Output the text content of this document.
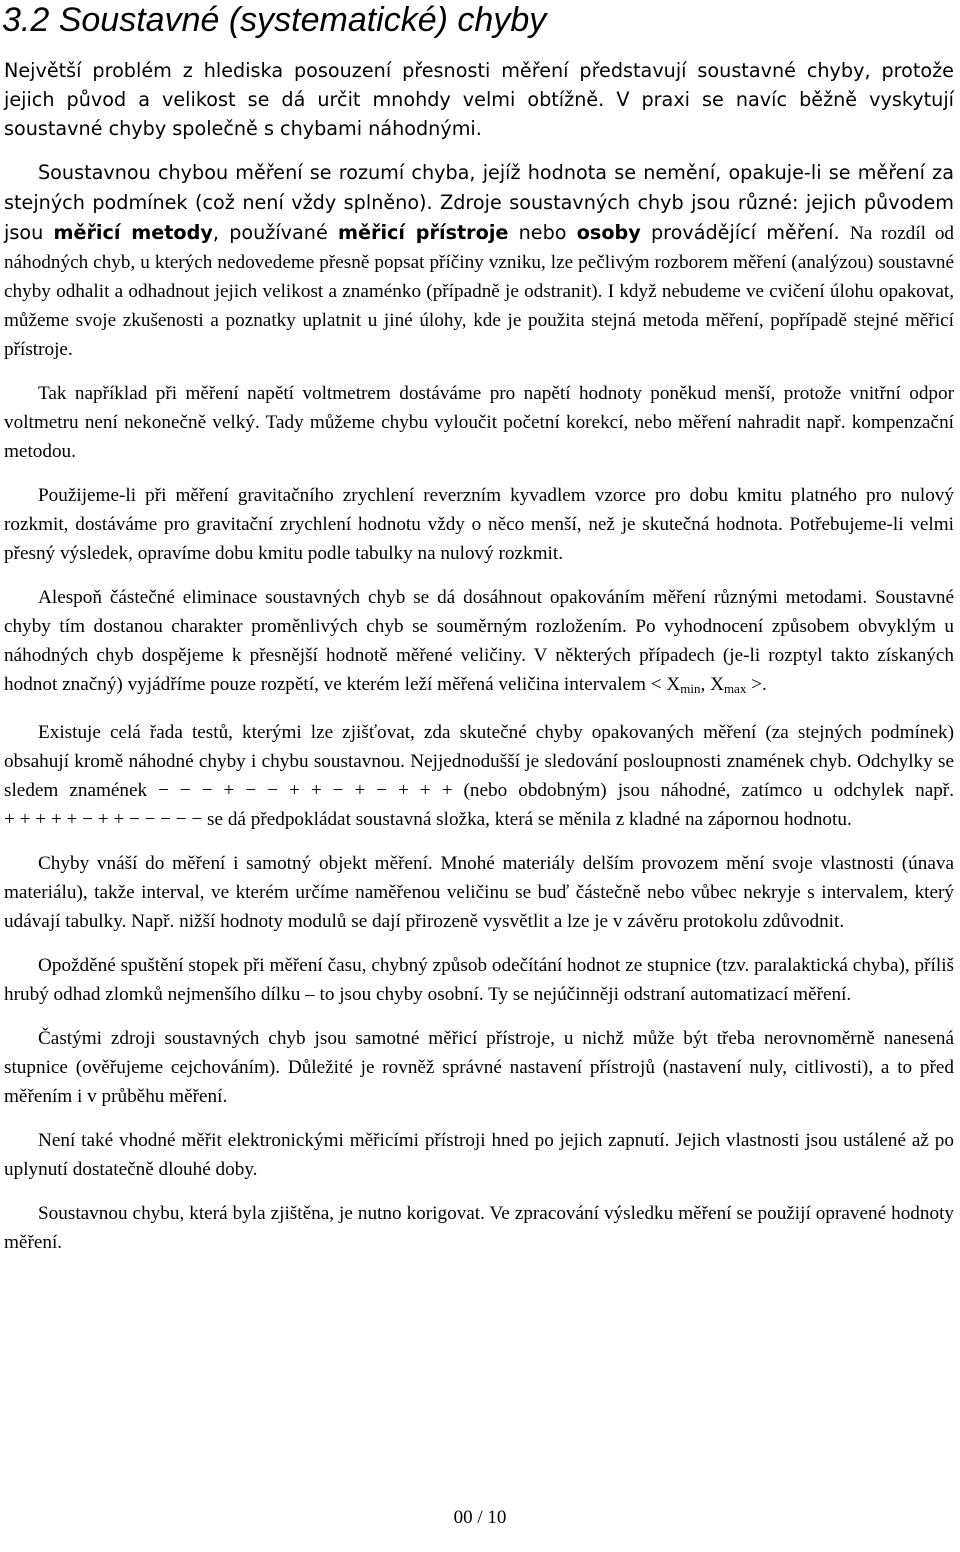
3.2 Soustavné (systematické) chyby

Největší problém z hlediska posouzení přesnosti měření představují soustavné chyby, protože jejich původ a velikost se dá určit mnohdy velmi obtížně. V praxi se navíc běžně vyskytují soustavné chyby společně s chybami náhodnými.

Soustavnou chybou měření se rozumí chyba, jejíž hodnota se nemění, opakuje-li se měření za stejných podmínek (což není vždy splněno). Zdroje soustavných chyb jsou různé: jejich původem jsou měřicí metody, používané měřicí přístroje nebo osoby provádějící měření. Na rozdíl od náhodných chyb, u kterých nedovedeme přesně popsat příčiny vzniku, lze pečlivým rozborem měření (analýzou) soustavné chyby odhalit a odhadnout jejich velikost a znaménko (případně je odstranit). I když nebudeme ve cvičení úlohu opakovat, můžeme svoje zkušenosti a poznatky uplatnit u jiné úlohy, kde je použita stejná metoda měření, popřípadě stejné měřicí přístroje.

Tak například při měření napětí voltmetrem dostáváme pro napětí hodnoty poněkud menší, protože vnitřní odpor voltmetru není nekonečně velký. Tady můžeme chybu vyloučit početní korekcí, nebo měření nahradit např. kompenzační metodou.

Použijeme-li při měření gravitačního zrychlení reverzním kyvadlem vzorce pro dobu kmitu platného pro nulový rozkmit, dostáváme pro gravitační zrychlení hodnotu vždy o něco menší, než je skutečná hodnota. Potřebujeme-li velmi přesný výsledek, opravíme dobu kmitu podle tabulky na nulový rozkmit.

Alespoň částečné eliminace soustavných chyb se dá dosáhnout opakováním měření různými metodami. Soustavné chyby tím dostanou charakter proměnlivých chyb se souměrným rozložením. Po vyhodnocení způsobem obvyklým u náhodných chyb dospějeme k přesnější hodnotě měřené veličiny. V některých případech (je-li rozptyl takto získaných hodnot značný) vyjádříme pouze rozpětí, ve kterém leží měřená veličina intervalem < $X_{min}$, $X_{max}$ >.

Existuje celá řada testů, kterými lze zjišťovat, zda skutečné chyby opakovaných měření (za stejných podmínek) obsahují kromě náhodné chyby i chybu soustavnou. Nejjednodušší je sledování posloupnosti znamének chyb. Odchylky se sledem znamének − − − + − − + + − + − + + + (nebo obdobným) jsou náhodné, zatímco u odchylek např. + + + + + − + + − − − − − se dá předpokládat soustavná složka, která se měnila z kladné na zápornou hodnotu.

Chyby vnáší do měření i samotný objekt měření. Mnohé materiály delším provozem mění svoje vlastnosti (únava materiálu), takže interval, ve kterém určíme naměřenou veličinu se buď částečně nebo vůbec nekryje s intervalem, který udávají tabulky. Např. nižší hodnoty modulů se dají přirozeně vysvětlit a lze je v závěru protokolu zdůvodnit.

Opožděné spuštění stopek při měření času, chybný způsob odečítání hodnot ze stupnice (tzv. paralaktická chyba), příliš hrubý odhad zlomků nejmenšího dílku – to jsou chyby osobní. Ty se nejúčinněji odstraní automatizací měření.

Častými zdroji soustavných chyb jsou samotné měřicí přístroje, u nichž může být třeba nerovnoměrně nanesená stupnice (ověřujeme cejchováním). Důležité je rovněž správné nastavení přístrojů (nastavení nuly, citlivosti), a to před měřením i v průběhu měření.

Není také vhodné měřit elektronickými měřicími přístroji hned po jejich zapnutí. Jejich vlastnosti jsou ustálené až po uplynutí dostatečně dlouhé doby.

Soustavnou chybu, která byla zjištěna, je nutno korigovat. Ve zpracování výsledku měření se použijí opravené hodnoty měření.

00 / 10
